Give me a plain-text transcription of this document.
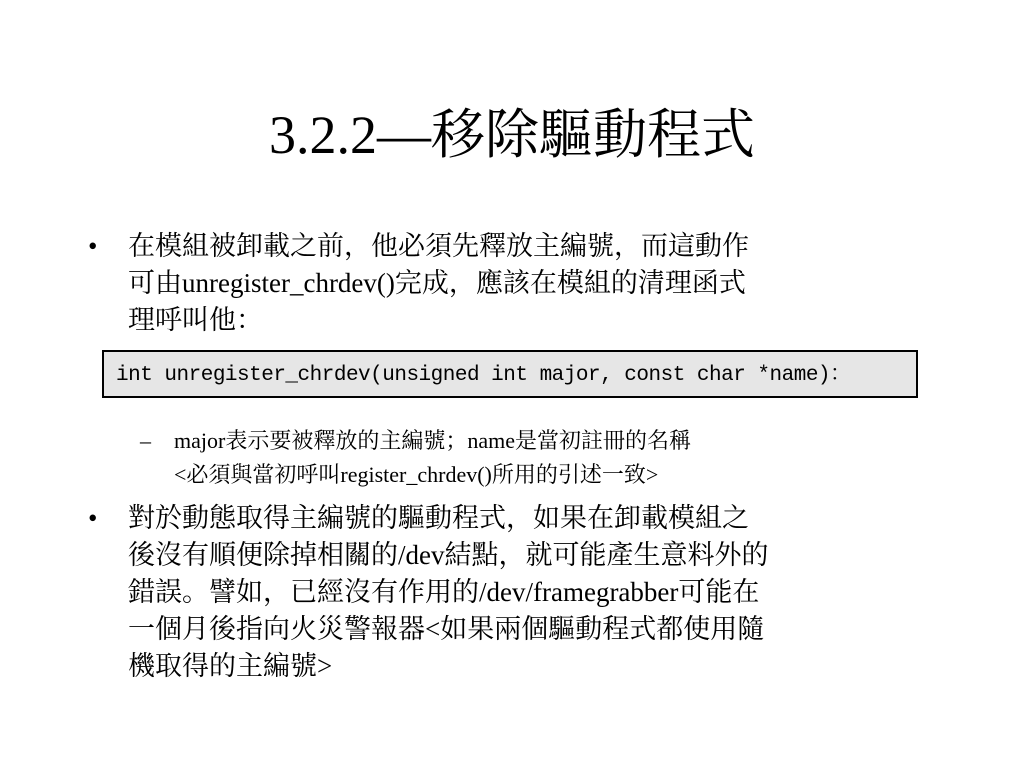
3.2.2—移除驅動程式
•	在模組被卸載之前，他必須先釋放主編號，而這動作
可由unregister_chrdev()完成，應該在模組的清理函式
理呼叫他：
int unregister_chrdev(unsigned int major, const char *name)：
– major表示要被釋放的主編號；name是當初註冊的名稱
<必須與當初呼叫register_chrdev()所用的引述一致>
•	對於動態取得主編號的驅動程式，如果在卸載模組之
後沒有順便除掉相關的/dev結點，就可能產生意料外的
錯誤。譬如，已經沒有作用的/dev/framegrabber可能在
一個月後指向火災警報器<如果兩個驅動程式都使用隨
機取得的主編號>
